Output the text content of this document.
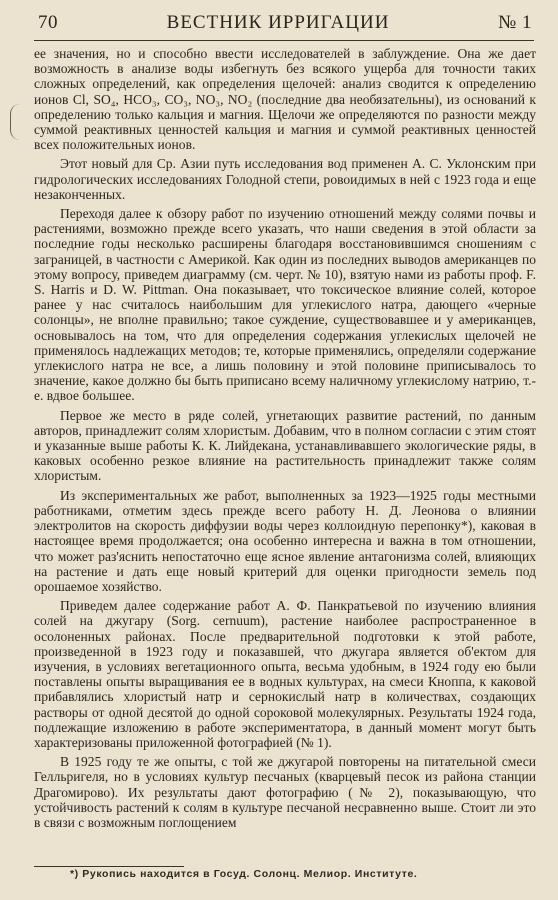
70	ВЕСТНИК ИРРИГАЦИИ	№ 1

ее значения, но и способно ввести исследователей в заблуждение. Она же дает возможность в анализе воды избегнуть без всякого ущерба для точности таких сложных определений, как определения щелочей: анализ сводится к определению ионов Cl, SO₄, HCO₃, CO₃, NO₃, NO₂ (последние два необязательны), из оснований к определению только кальция и магния. Щелочи же определяются по разности между суммой реактивных ценностей кальция и магния и суммой реактивных ценностей всех положительных ионов.

Этот новый для Ср. Азии путь исследования вод применен А. С. Уклонским при гидрологических исследованиях Голодной степи, ровоидимых в ней с 1923 года и еще незаконченных.

Переходя далее к обзору работ по изучению отношений между солями почвы и растениями, возможно прежде всего указать, что наши сведения в этой области за последние годы несколько расширены благодаря восстановившимся сношениям с заграницей, в частности с Америкой. Как один из последних выводов американцев по этому вопросу, приведем диаграмму (см. черт. № 10), взятую нами из работы проф. F. S. Harris и D. W. Pittman. Она показывает, что токсическое влияние солей, которое ранее у нас считалось наибольшим для углекислого натра, дающего «черные солонцы», не вполне правильно; такое суждение, существовавшее и у американцев, основывалось на том, что для определения содержания углекислых щелочей не применялось надлежащих методов; те, которые применялись, определяли содержание углекислого натра не все, а лишь половину и этой половине приписывалось то значение, какое должно бы быть приписано всему наличному углекислому натрию, т.-е. вдвое большее.

Первое же место в ряде солей, угнетающих развитие растений, по данным авторов, принадлежит солям хлористым. Добавим, что в полном согласии с этим стоят и указанные выше работы К. К. Лийдекана, устанавливавшего экологические ряды, в каковых особенно резкое влияние на растительность принадлежит также солям хлористым.

Из экспериментальных же работ, выполненных за 1923—1925 годы местными работниками, отметим здесь прежде всего работу Н. Д. Леонова о влиянии электролитов на скорость диффузии воды через коллоидную перепонку*), каковая в настоящее время продолжается; она особенно интересна и важна в том отношении, что может раз'яснить непостаточно еще ясное явление антагонизма солей, влияющих на растение и дать еще новый критерий для оценки пригодности земель под орошаемое хозяйство.

Приведем далее содержание работ А. Ф. Панкратьевой по изучению влияния солей на джугару (Sorg. cernuum), растение наиболее распространенное в осолоненных районах. После предварительной подготовки к этой работе, произведенной в 1923 году и показавшей, что джугара является об'ектом для изучения, в условиях вегетационного опыта, весьма удобным, в 1924 году ею были поставлены опыты выращивания ее в водных культурах, на смеси Кноппа, к каковой прибавлялись хлористый натр и сернокислый натр в количествах, создающих растворы от одной десятой до одной сороковой молекулярных. Результаты 1924 года, подлежащие изложению в работе экспериментатора, в данный момент могут быть характеризованы приложенной фотографией (№ 1).

В 1925 году те же опыты, с той же джугарой повторены на питательной смеси Гелльригеля, но в условиях культур песчаных (кварцевый песок из района станции Драгомирово). Их результаты дают фотографию (№ 2), показывающую, что устойчивость растений к солям в культуре песчаной несравненно выше. Стоит ли это в связи с возможным поглощением

*) Рукопись находится в Госуд. Солонц. Мелиор. Институте.
